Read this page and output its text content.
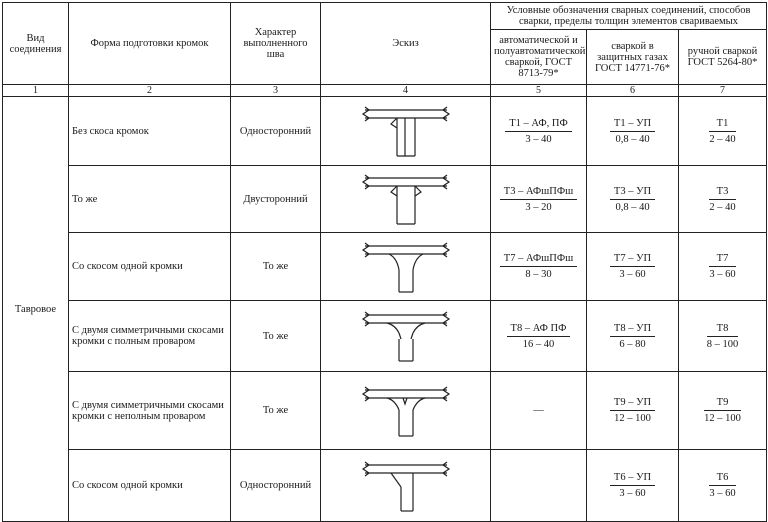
Вид соединения	Форма подготовки кромок	Характер выполненного шва	Эскиз	Условные обозначения сварных соединений, способов сварки, пределы толщин элементов свариваемых		
				автоматической и полуавтоматической сваркой, ГОСТ 8713-79*	сваркой в защитных газах ГОСТ 14771-76*	ручной сваркой ГОСТ 5264-80*
1	2	3	4	5	6	7
Тавровое	Без скоса кромок	Односторонний		$\frac{Т1 - АФ, ПФ}{3 - 40}$	$\frac{Т1 - УП}{0,8 - 40}$	$\frac{Т1}{2 - 40}$

	То же	Двусторонний		$\frac{\text{Т3 – АФшПФш}}{3 - 20}$	$\frac{Т3 - УП}{0,8 - 40}$	$\frac{Т3}{2 - 40}$

	Со скосом одной кромки	То же		$\frac{\text{Т7 – АФшПФш}}{8 - 30}$	$\frac{Т7 - УП}{3 - 60}$	$\frac{Т7}{3 - 60}$

	С двумя симметричными скосами кромки с полным проваром	То же		$\frac{\text{Т8 – АФ ПФ}}{16 - 40}$	$\frac{Т8 - УП}{6 - 80}$	$\frac{Т8}{8 - 100}$

	С двумя симметричными скосами кромки с неполным проваром	То же		—	$\frac{Т9 - УП}{12 - 100}$	$\frac{Т9}{12 - 100}$

	Со скосом одной кромки	Односторонний			$\frac{Т6 - УП}{3 - 60}$	$\frac{Т6}{3 - 60}$
